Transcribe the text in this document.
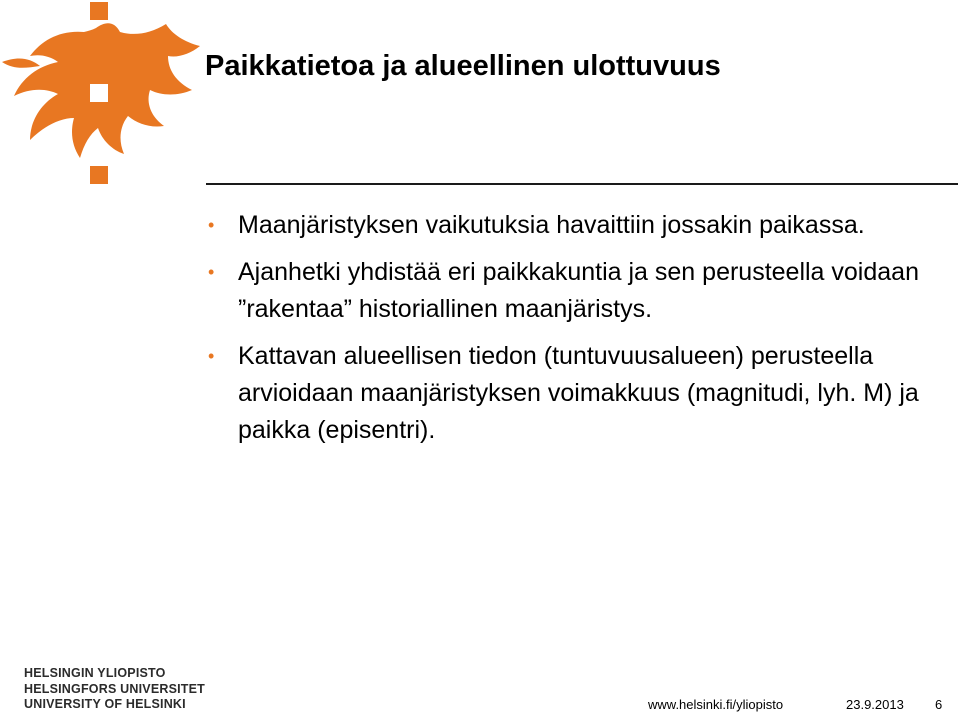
Paikkatietoa ja alueellinen ulottuvuus
• Maanjäristyksen vaikutuksia havaittiin jossakin paikassa.
• Ajanhetki yhdistää eri paikkakuntia ja sen perusteella voidaan ”rakentaa” historiallinen maanjäristys.
• Kattavan alueellisen tiedon (tuntuvuusalueen) perusteella arvioidaan maanjäristyksen voimakkuus (magnitudi, lyh. M) ja paikka (episentri).
HELSINGIN YLIOPISTO
HELSINGFORS UNIVERSITET
UNIVERSITY OF HELSINKI	www.helsinki.fi/yliopisto	23.9.2013 6
